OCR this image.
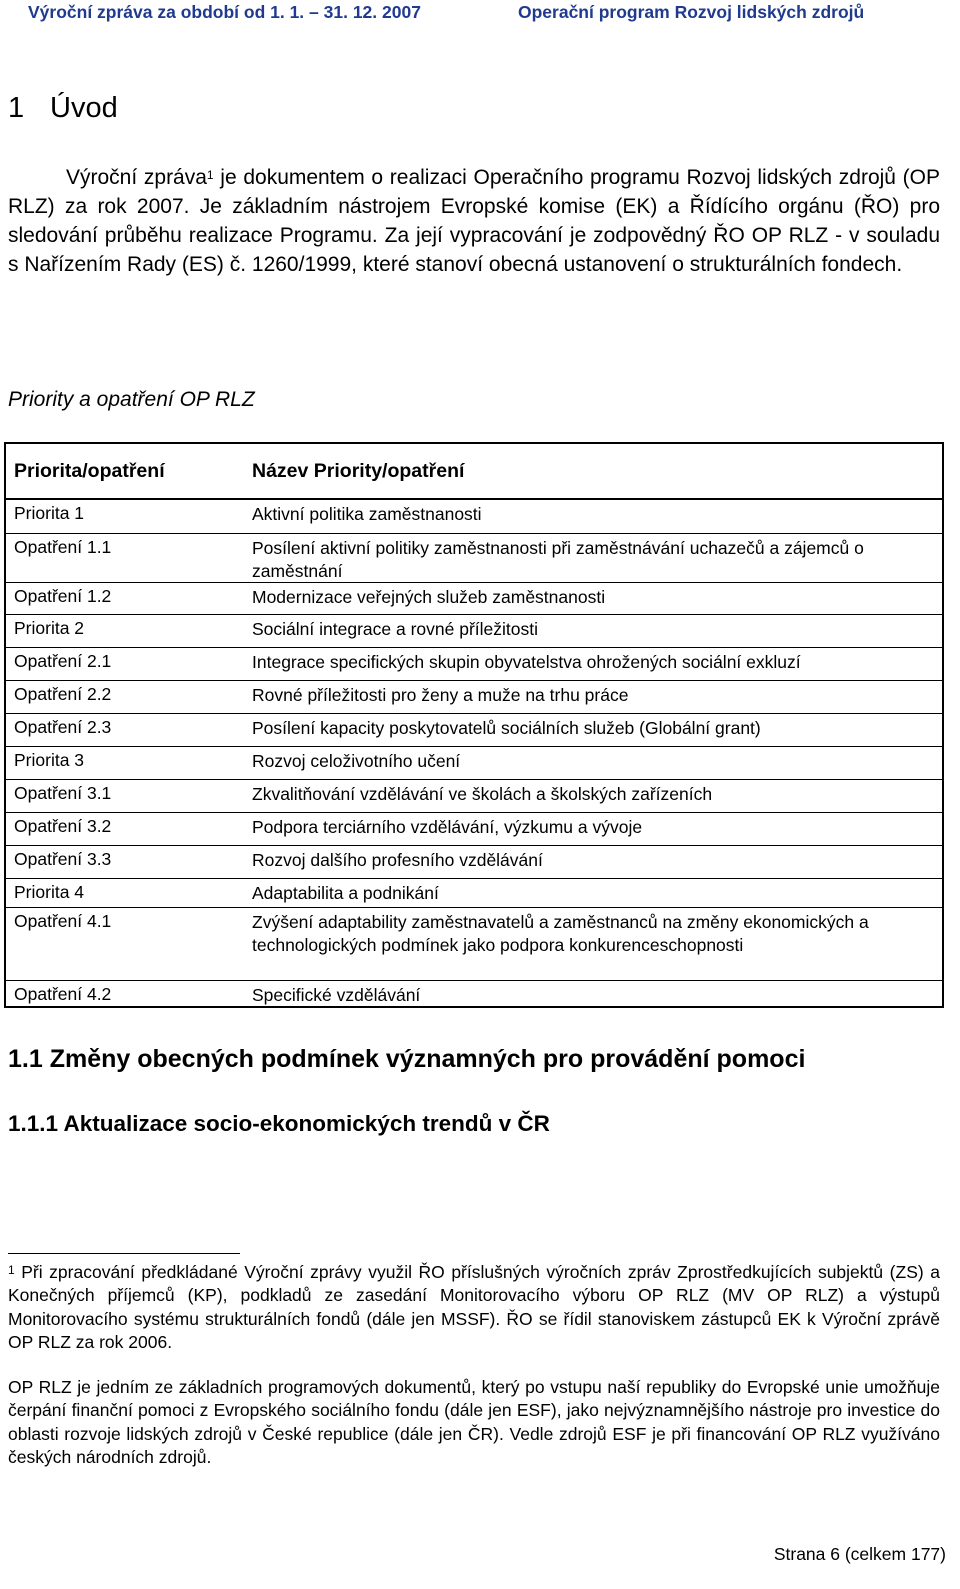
Výroční zpráva za období od 1. 1. – 31. 12. 2007	Operační program Rozvoj lidských zdrojů
1 Úvod

Výroční zpráva$^1$ je dokumentem o realizaci Operačního programu Rozvoj lidských zdrojů (OP RLZ) za rok 2007. Je základním nástrojem Evropské komise (EK) a Řídícího orgánu (ŘO) pro sledování průběhu realizace Programu. Za její vypracování je zodpovědný ŘO OP RLZ - v souladu s Nařízením Rady (ES) č. 1260/1999, které stanoví obecná ustanovení o strukturálních fondech.

Priority a opatření OP RLZ
Priorita/opatření	Název Priority/opatření
Priorita 1	Aktivní politika zaměstnanosti
Opatření 1.1	Posílení aktivní politiky zaměstnanosti při zaměstnávání uchazečů a zájemců o zaměstnání
Opatření 1.2	Modernizace veřejných služeb zaměstnanosti
Priorita 2	Sociální integrace a rovné příležitosti
Opatření 2.1	Integrace specifických skupin obyvatelstva ohrožených sociální exkluzí
Opatření 2.2	Rovné příležitosti pro ženy a muže na trhu práce
Opatření 2.3	Posílení kapacity poskytovatelů sociálních služeb (Globální grant)
Priorita 3	Rozvoj celoživotního učení
Opatření 3.1	Zkvalitňování vzdělávání ve školách a školských zařízeních
Opatření 3.2	Podpora terciárního vzdělávání, výzkumu a vývoje
Opatření 3.3	Rozvoj dalšího profesního vzdělávání
Priorita 4	Adaptabilita a podnikání
Opatření 4.1	Zvýšení adaptability zaměstnavatelů a zaměstnanců na změny ekonomických a technologických podmínek jako podpora konkurenceschopnosti
Opatření 4.2	Specifické vzdělávání
1.1 Změny obecných podmínek významných pro provádění pomoci
1.1.1 Aktualizace socio-ekonomických trendů v ČR

$^1$ Při zpracování předkládané Výroční zprávy využil ŘO příslušných výročních zpráv Zprostředkujících subjektů (ZS) a Konečných příjemců (KP), podkladů ze zasedání Monitorovacího výboru OP RLZ (MV OP RLZ) a výstupů Monitorovacího systému strukturálních fondů (dále jen MSSF). ŘO se řídil stanoviskem zástupců EK k Výroční zprávě OP RLZ za rok 2006.

OP RLZ je jedním ze základních programových dokumentů, který po vstupu naší republiky do Evropské unie umožňuje čerpání finanční pomoci z Evropského sociálního fondu (dále jen ESF), jako nejvýznamnějšího nástroje pro investice do oblasti rozvoje lidských zdrojů v České republice (dále jen ČR). Vedle zdrojů ESF je při financování OP RLZ využíváno českých národních zdrojů.

Strana 6 (celkem 177)
